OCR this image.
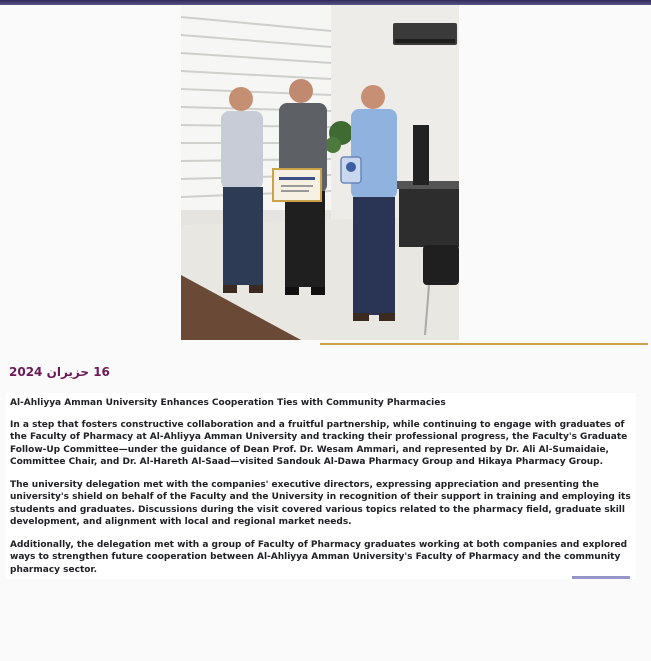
16 حزيران 2024

Al-Ahliyya Amman University Enhances Cooperation Ties with Community Pharmacies

In a step that fosters constructive collaboration and a fruitful partnership, while continuing to engage with graduates of the Faculty of Pharmacy at Al-Ahliyya Amman University and tracking their professional progress, the Faculty's Graduate Follow-Up Committee—under the guidance of Dean Prof. Dr. Wesam Ammari, and represented by Dr. Ali Al-Sumaidaie, Committee Chair, and Dr. Al-Hareth Al-Saad—visited Sandouk Al-Dawa Pharmacy Group and Hikaya Pharmacy Group.

The university delegation met with the companies' executive directors, expressing appreciation and presenting the university's shield on behalf of the Faculty and the University in recognition of their support in training and employing its students and graduates. Discussions during the visit covered various topics related to the pharmacy field, graduate skill development, and alignment with local and regional market needs.

Additionally, the delegation met with a group of Faculty of Pharmacy graduates working at both companies and explored ways to strengthen future cooperation between Al-Ahliyya Amman University's Faculty of Pharmacy and the community pharmacy sector.
